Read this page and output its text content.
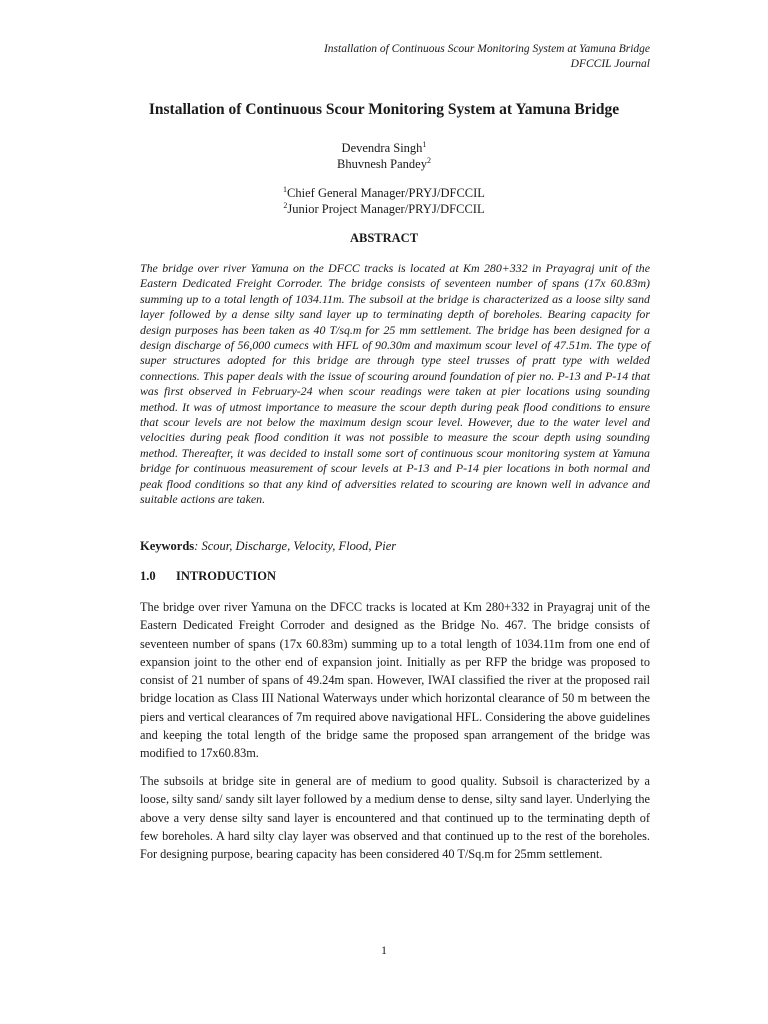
Installation of Continuous Scour Monitoring System at Yamuna Bridge
DFCCIL Journal
Installation of Continuous Scour Monitoring System at Yamuna Bridge
Devendra Singh$^1$
Bhuvnesh Pandey$^2$
$^1$Chief General Manager/PRYJ/DFCCIL
$^2$Junior Project Manager/PRYJ/DFCCIL
ABSTRACT

The bridge over river Yamuna on the DFCC tracks is located at Km 280+332 in Prayagraj unit of the Eastern Dedicated Freight Corroder. The bridge consists of seventeen number of spans (17x 60.83m) summing up to a total length of 1034.11m. The subsoil at the bridge is characterized as a loose silty sand layer followed by a dense silty sand layer up to terminating depth of boreholes. Bearing capacity for design purposes has been taken as 40 T/sq.m for 25 mm settlement. The bridge has been designed for a design discharge of 56,000 cumecs with HFL of 90.30m and maximum scour level of 47.51m. The type of super structures adopted for this bridge are through type steel trusses of pratt type with welded connections. This paper deals with the issue of scouring around foundation of pier no. P-13 and P-14 that was first observed in February-24 when scour readings were taken at pier locations using sounding method. It was of utmost importance to measure the scour depth during peak flood conditions to ensure that scour levels are not below the maximum design scour level. However, due to the water level and velocities during peak flood condition it was not possible to measure the scour depth using sounding method. Thereafter, it was decided to install some sort of continuous scour monitoring system at Yamuna bridge for continuous measurement of scour levels at P-13 and P-14 pier locations in both normal and peak flood conditions so that any kind of adversities related to scouring are known well in advance and suitable actions are taken.

Keywords: Scour, Discharge, Velocity, Flood, Pier
1.0 INTRODUCTION

The bridge over river Yamuna on the DFCC tracks is located at Km 280+332 in Prayagraj unit of the Eastern Dedicated Freight Corroder and designed as the Bridge No. 467. The bridge consists of seventeen number of spans (17x 60.83m) summing up to a total length of 1034.11m from one end of expansion joint to the other end of expansion joint. Initially as per RFP the bridge was proposed to consist of 21 number of spans of 49.24m span. However, IWAI classified the river at the proposed rail bridge location as Class III National Waterways under which horizontal clearance of 50 m between the piers and vertical clearances of 7m required above navigational HFL. Considering the above guidelines and keeping the total length of the bridge same the proposed span arrangement of the bridge was modified to 17x60.83m.

The subsoils at bridge site in general are of medium to good quality. Subsoil is characterized by a loose, silty sand/ sandy silt layer followed by a medium dense to dense, silty sand layer. Underlying the above a very dense silty sand layer is encountered and that continued up to the terminating depth of few boreholes. A hard silty clay layer was observed and that continued up to the rest of the boreholes. For designing purpose, bearing capacity has been considered 40 T/Sq.m for 25mm settlement.

1
